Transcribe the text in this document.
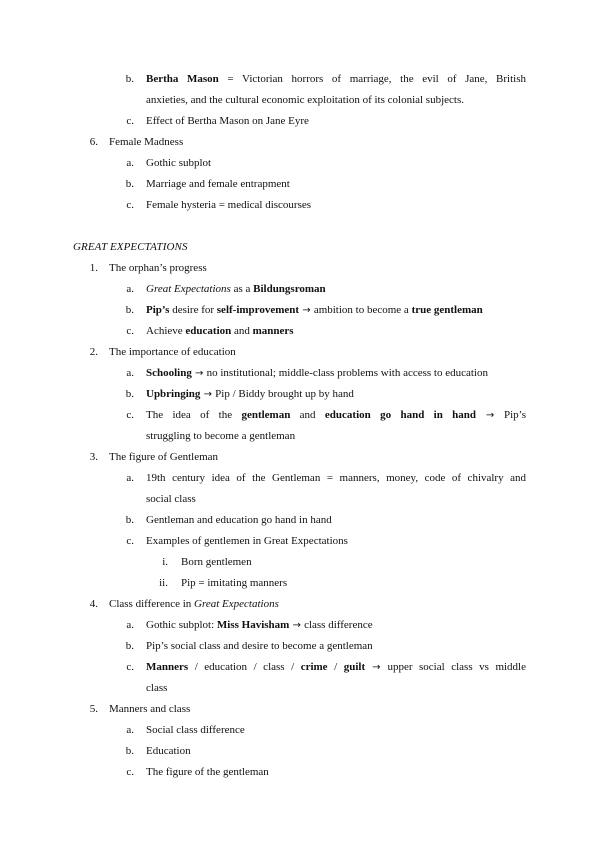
b. Bertha Mason = Victorian horrors of marriage, the evil of Jane, British
anxieties, and the cultural economic exploitation of its colonial subjects.
c. Effect of Bertha Mason on Jane Eyre
6. Female Madness
a. Gothic subplot
b. Marriage and female entrapment
c. Female hysteria = medical discourses
GREAT EXPECTATIONS
1. The orphan’s progress
a. Great Expectations as a Bildungsroman
b. Pip’s desire for self-improvement → ambition to become a true gentleman
c. Achieve education and manners
2. The importance of education
a. Schooling → no institutional; middle-class problems with access to education
b. Upbringing → Pip / Biddy brought up by hand
c. The idea of the gentleman and education go hand in hand → Pip’s
struggling to become a gentleman
3. The figure of Gentleman
a. 19th century idea of the Gentleman = manners, money, code of chivalry and
social class
b. Gentleman and education go hand in hand
c. Examples of gentlemen in Great Expectations
i. Born gentlemen
ii. Pip = imitating manners
4. Class difference in Great Expectations
a. Gothic subplot: Miss Havisham → class difference
b. Pip’s social class and desire to become a gentleman
c. Manners / education / class / crime / guilt → upper social class vs middle
class
5. Manners and class
a. Social class difference
b. Education
c. The figure of the gentleman
